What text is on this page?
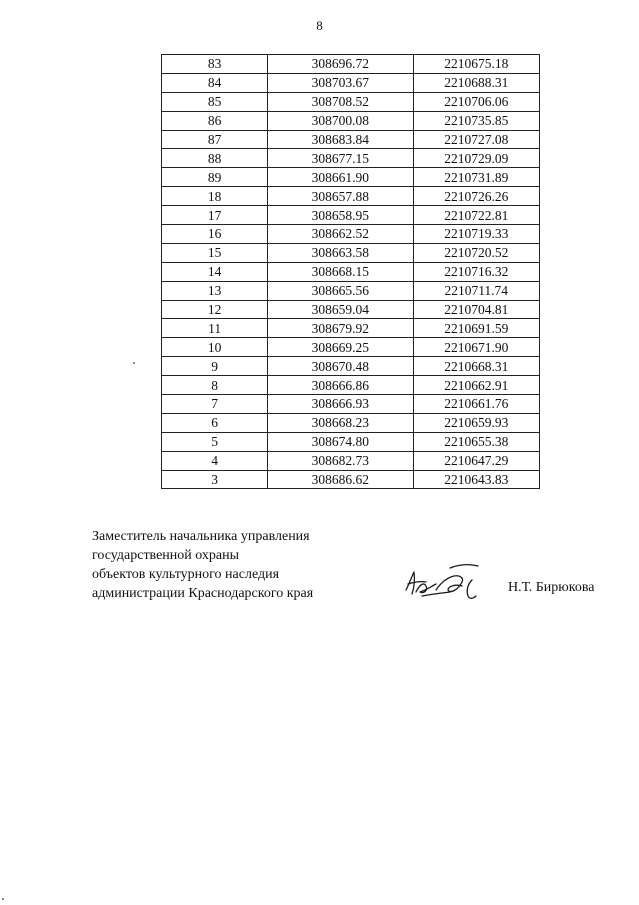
8
83	308696.72	2210675.18
84	308703.67	2210688.31
85	308708.52	2210706.06
86	308700.08	2210735.85
87	308683.84	2210727.08
88	308677.15	2210729.09
89	308661.90	2210731.89
18	308657.88	2210726.26
17	308658.95	2210722.81
16	308662.52	2210719.33
15	308663.58	2210720.52
14	308668.15	2210716.32
13	308665.56	2210711.74
12	308659.04	2210704.81
11	308679.92	2210691.59
10	308669.25	2210671.90
9	308670.48	2210668.31
8	308666.86	2210662.91
7	308666.93	2210661.76
6	308668.23	2210659.93
5	308674.80	2210655.38
4	308682.73	2210647.29
3	308686.62	2210643.83
Заместитель начальника управления
государственной охраны
объектов культурного наследия
администрации Краснодарского края	Н.Т. Бирюкова
